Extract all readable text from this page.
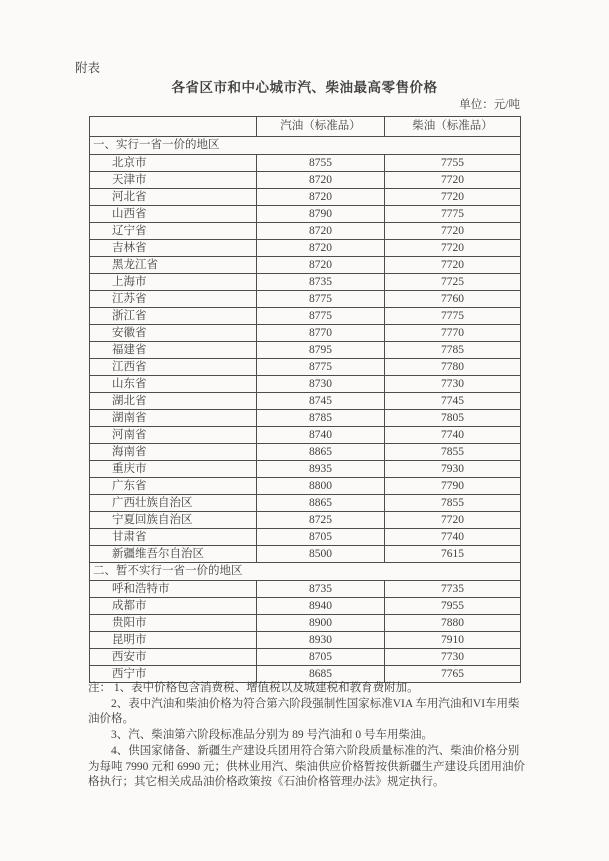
附表
各省区市和中心城市汽、柴油最高零售价格
单位：元/吨
	汽油（标准品）	柴油（标准品）
一、实行一省一价的地区		
北京市	8755	7755
天津市	8720	7720
河北省	8720	7720
山西省	8790	7775
辽宁省	8720	7720
吉林省	8720	7720
黑龙江省	8720	7720
上海市	8735	7725
江苏省	8775	7760
浙江省	8775	7775
安徽省	8770	7770
福建省	8795	7785
江西省	8775	7780
山东省	8730	7730
湖北省	8745	7745
湖南省	8785	7805
河南省	8740	7740
海南省	8865	7855
重庆市	8935	7930
广东省	8800	7790
广西壮族自治区	8865	7855
宁夏回族自治区	8725	7720
甘肃省	8705	7740
新疆维吾尔自治区	8500	7615
二、暂不实行一省一价的地区		
呼和浩特市	8735	7735
成都市	8940	7955
贵阳市	8900	7880
昆明市	8930	7910
西安市	8705	7730
西宁市	8685	7765

注： 1、表中价格包含消费税、增值税以及城建税和教育费附加。

　　2、表中汽油和柴油价格为符合第六阶段强制性国家标准VIA 车用汽油和VI车用柴油价格。

　　3、汽、柴油第六阶段标准品分别为 89 号汽油和 0 号车用柴油。

　　4、供国家储备、新疆生产建设兵团用符合第六阶段质量标准的汽、柴油价格分别为每吨 7990 元和 6990 元；供林业用汽、柴油供应价格暂按供新疆生产建设兵团用油价格执行；其它相关成品油价格政策按《石油价格管理办法》规定执行。
